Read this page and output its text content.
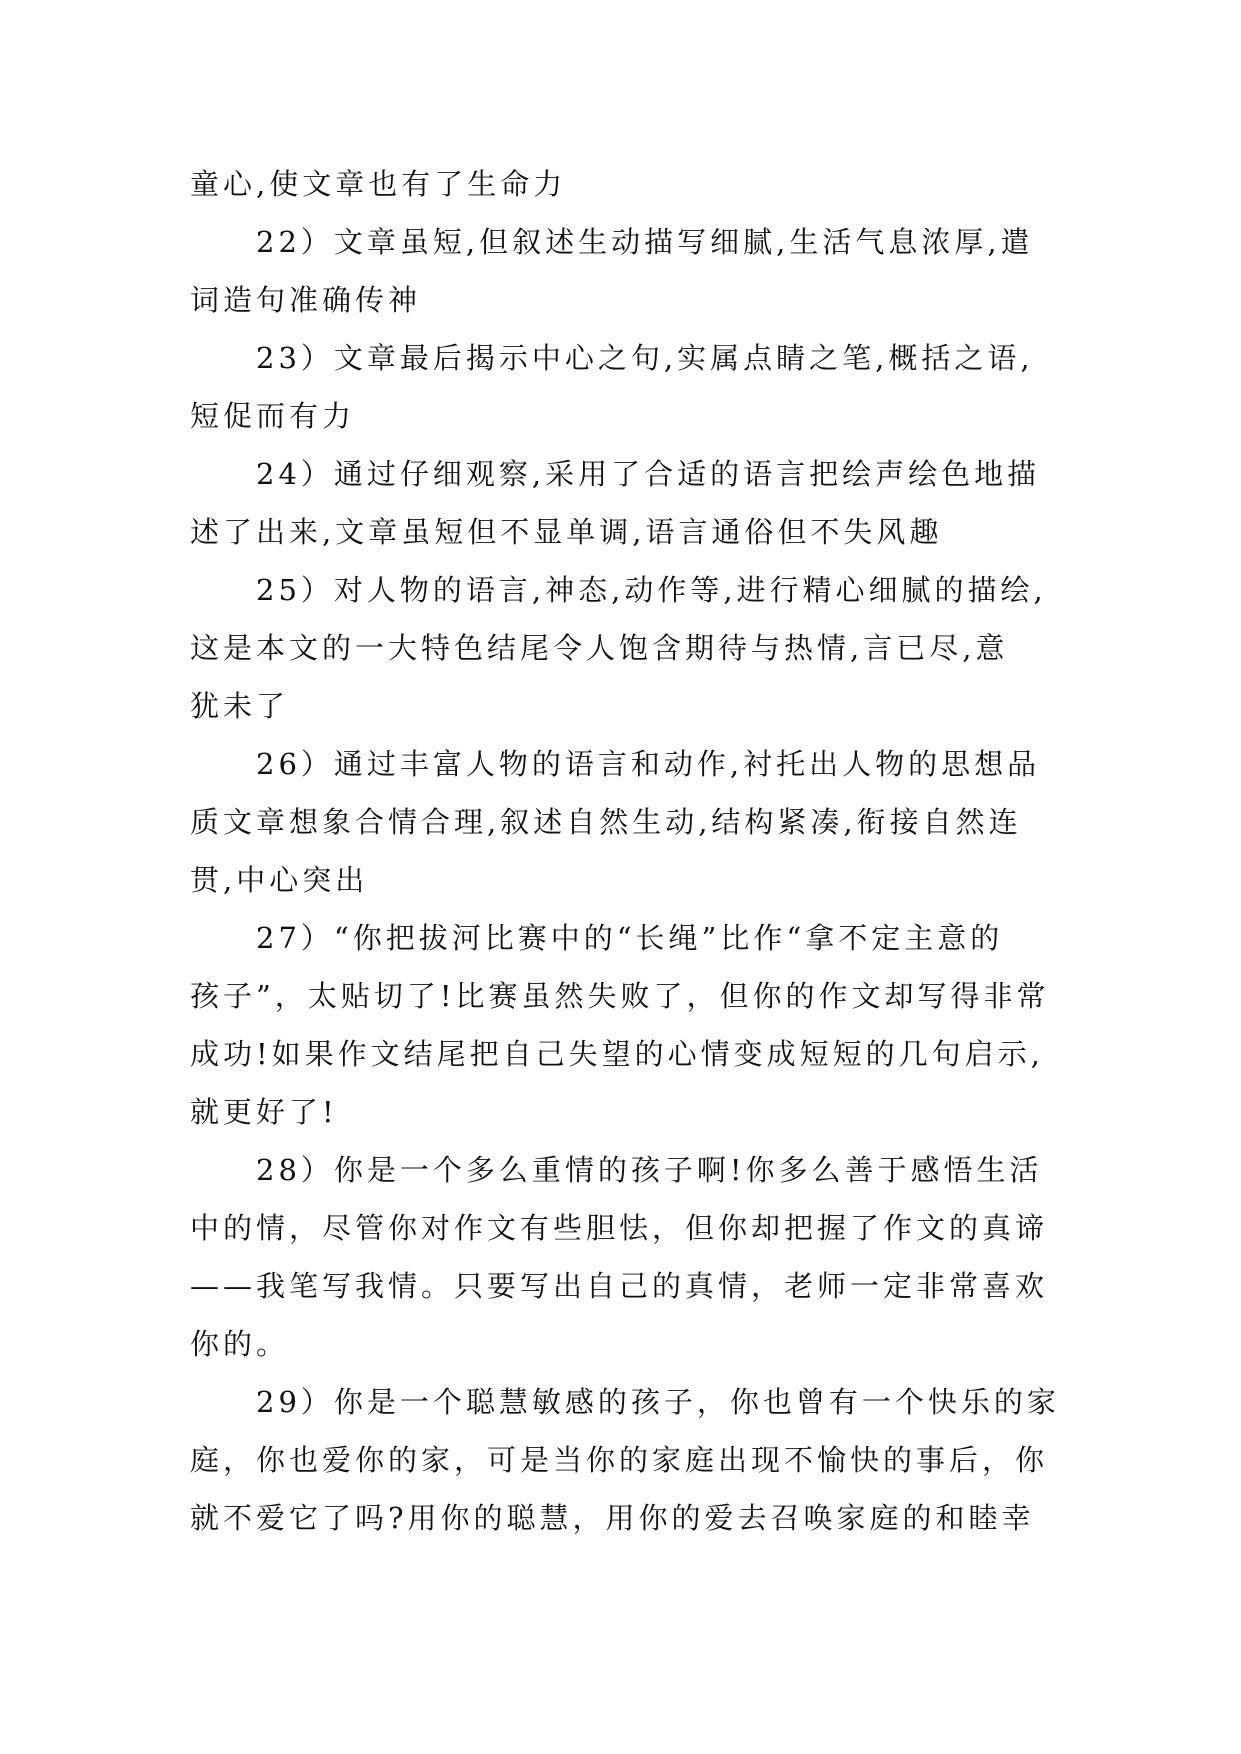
童心,使文章也有了生命力
22）文章虽短,但叙述生动描写细腻,生活气息浓厚,遣
词造句准确传神
23）文章最后揭示中心之句,实属点睛之笔,概括之语,
短促而有力
24）通过仔细观察,采用了合适的语言把绘声绘色地描
述了出来,文章虽短但不显单调,语言通俗但不失风趣
25）对人物的语言,神态,动作等,进行精心细腻的描绘,
这是本文的一大特色结尾令人饱含期待与热情,言已尽,意
犹未了
26）通过丰富人物的语言和动作,衬托出人物的思想品
质文章想象合情合理,叙述自然生动,结构紧凑,衔接自然连
贯,中心突出
27）“你把拔河比赛中的“长绳”比作“拿不定主意的
孩子”，太贴切了!比赛虽然失败了，但你的作文却写得非常
成功!如果作文结尾把自己失望的心情变成短短的几句启示,
就更好了!
28）你是一个多么重情的孩子啊!你多么善于感悟生活
中的情，尽管你对作文有些胆怯，但你却把握了作文的真谛
——我笔写我情。只要写出自己的真情，老师一定非常喜欢
你的。
29）你是一个聪慧敏感的孩子，你也曾有一个快乐的家
庭，你也爱你的家，可是当你的家庭出现不愉快的事后，你
就不爱它了吗?用你的聪慧，用你的爱去召唤家庭的和睦幸
